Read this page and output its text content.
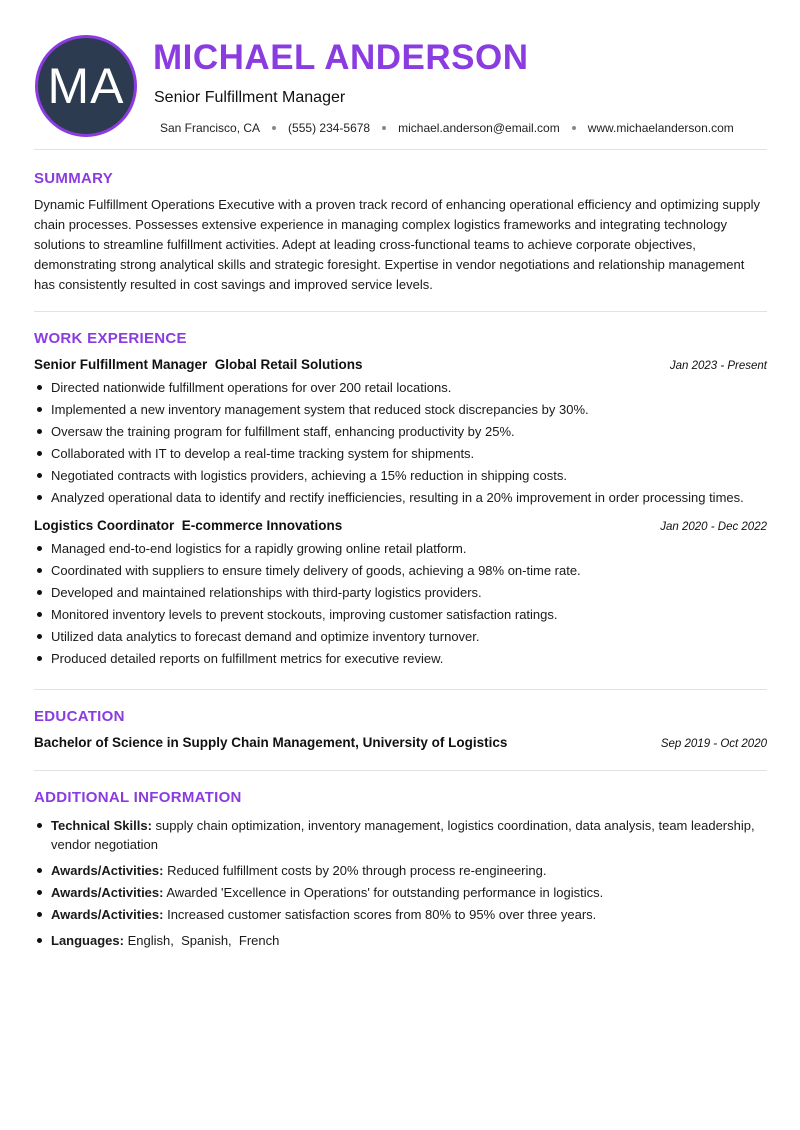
MA
MICHAEL ANDERSON
Senior Fulfillment Manager
San Francisco, CA (555) 234-5678 michael.anderson@email.com www.michaelanderson.com
SUMMARY

Dynamic Fulfillment Operations Executive with a proven track record of enhancing operational efficiency and optimizing supply chain processes. Possesses extensive experience in managing complex logistics frameworks and integrating technology solutions to streamline fulfillment activities. Adept at leading cross-functional teams to achieve corporate objectives, demonstrating strong analytical skills and strategic foresight. Expertise in vendor negotiations and relationship management has consistently resulted in cost savings and improved service levels.

WORK EXPERIENCE
Senior Fulfillment Manager  Global Retail Solutions	Jan 2023 - Present
Directed nationwide fulfillment operations for over 200 retail locations.
Implemented a new inventory management system that reduced stock discrepancies by 30%.
Oversaw the training program for fulfillment staff, enhancing productivity by 25%.
Collaborated with IT to develop a real-time tracking system for shipments.
Negotiated contracts with logistics providers, achieving a 15% reduction in shipping costs.
Analyzed operational data to identify and rectify inefficiencies, resulting in a 20% improvement in order processing times.
Logistics Coordinator  E-commerce Innovations	Jan 2020 - Dec 2022
Managed end-to-end logistics for a rapidly growing online retail platform.
Coordinated with suppliers to ensure timely delivery of goods, achieving a 98% on-time rate.
Developed and maintained relationships with third-party logistics providers.
Monitored inventory levels to prevent stockouts, improving customer satisfaction ratings.
Utilized data analytics to forecast demand and optimize inventory turnover.
Produced detailed reports on fulfillment metrics for executive review.
EDUCATION
Bachelor of Science in Supply Chain Management, University of Logistics	Sep 2019 - Oct 2020
ADDITIONAL INFORMATION
Technical Skills: supply chain optimization, inventory management, logistics coordination, data analysis, team leadership, vendor negotiation
Awards/Activities: Reduced fulfillment costs by 20% through process re-engineering.
Awards/Activities: Awarded 'Excellence in Operations' for outstanding performance in logistics.
Awards/Activities: Increased customer satisfaction scores from 80% to 95% over three years.
Languages: English,  Spanish,  French
